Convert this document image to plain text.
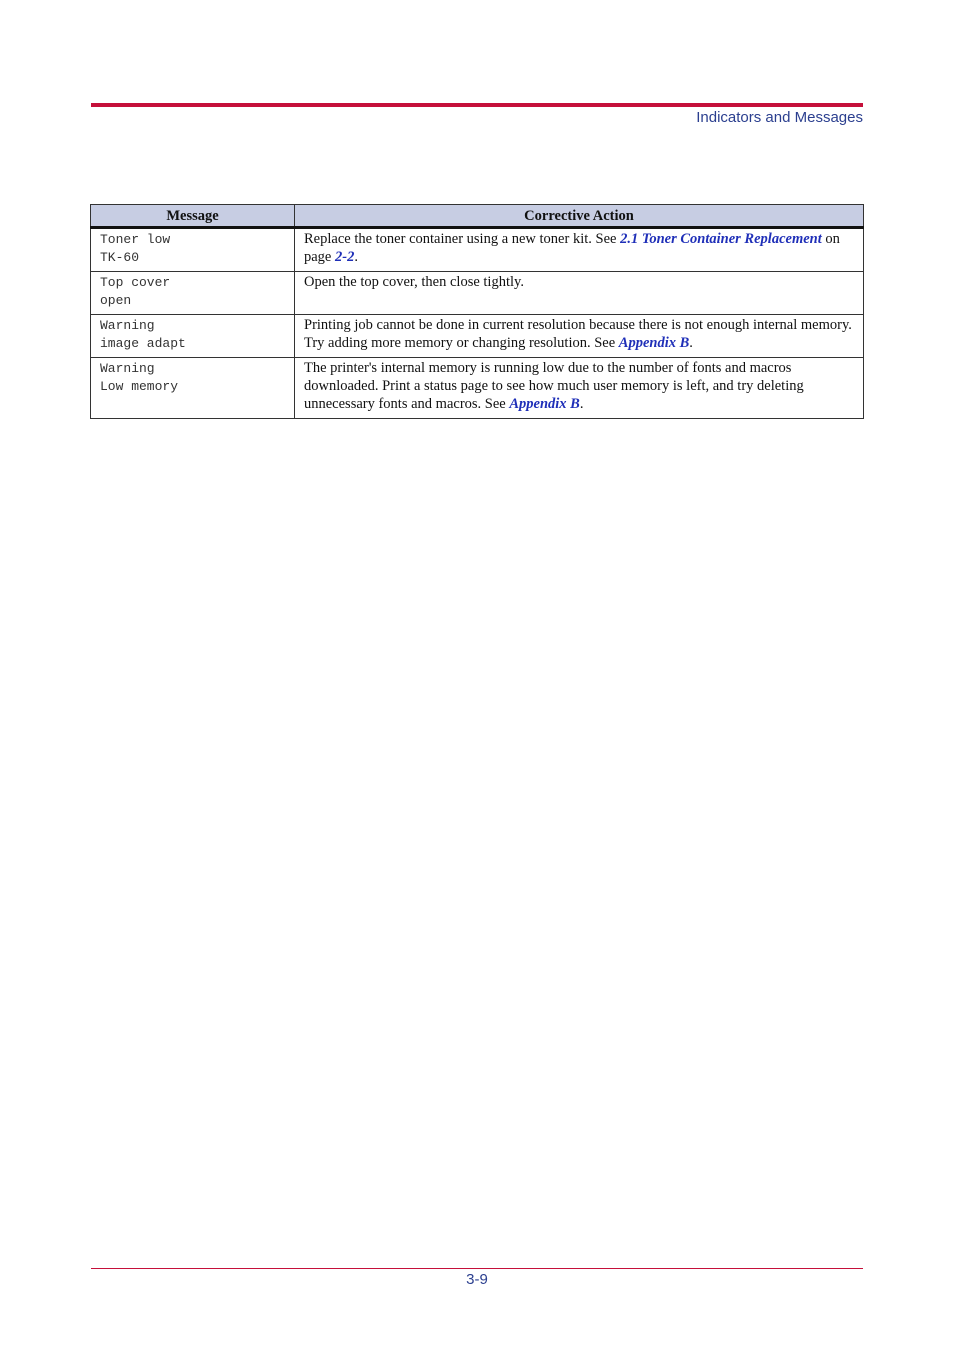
Indicators and Messages
Message	Corrective Action

Toner low
TK-60	Replace the toner container using a new toner kit. See 2.1 Toner Container Replacement on page 2-2.

Top cover
open	Open the top cover, then close tightly.

Warning
image adapt	Printing job cannot be done in current resolution because there is not enough internal memory. Try adding more memory or changing resolution. See Appendix B.

Warning
Low memory	The printer's internal memory is running low due to the number of fonts and macros downloaded. Print a status page to see how much user memory is left, and try deleting unnecessary fonts and macros. See Appendix B.
3-9
